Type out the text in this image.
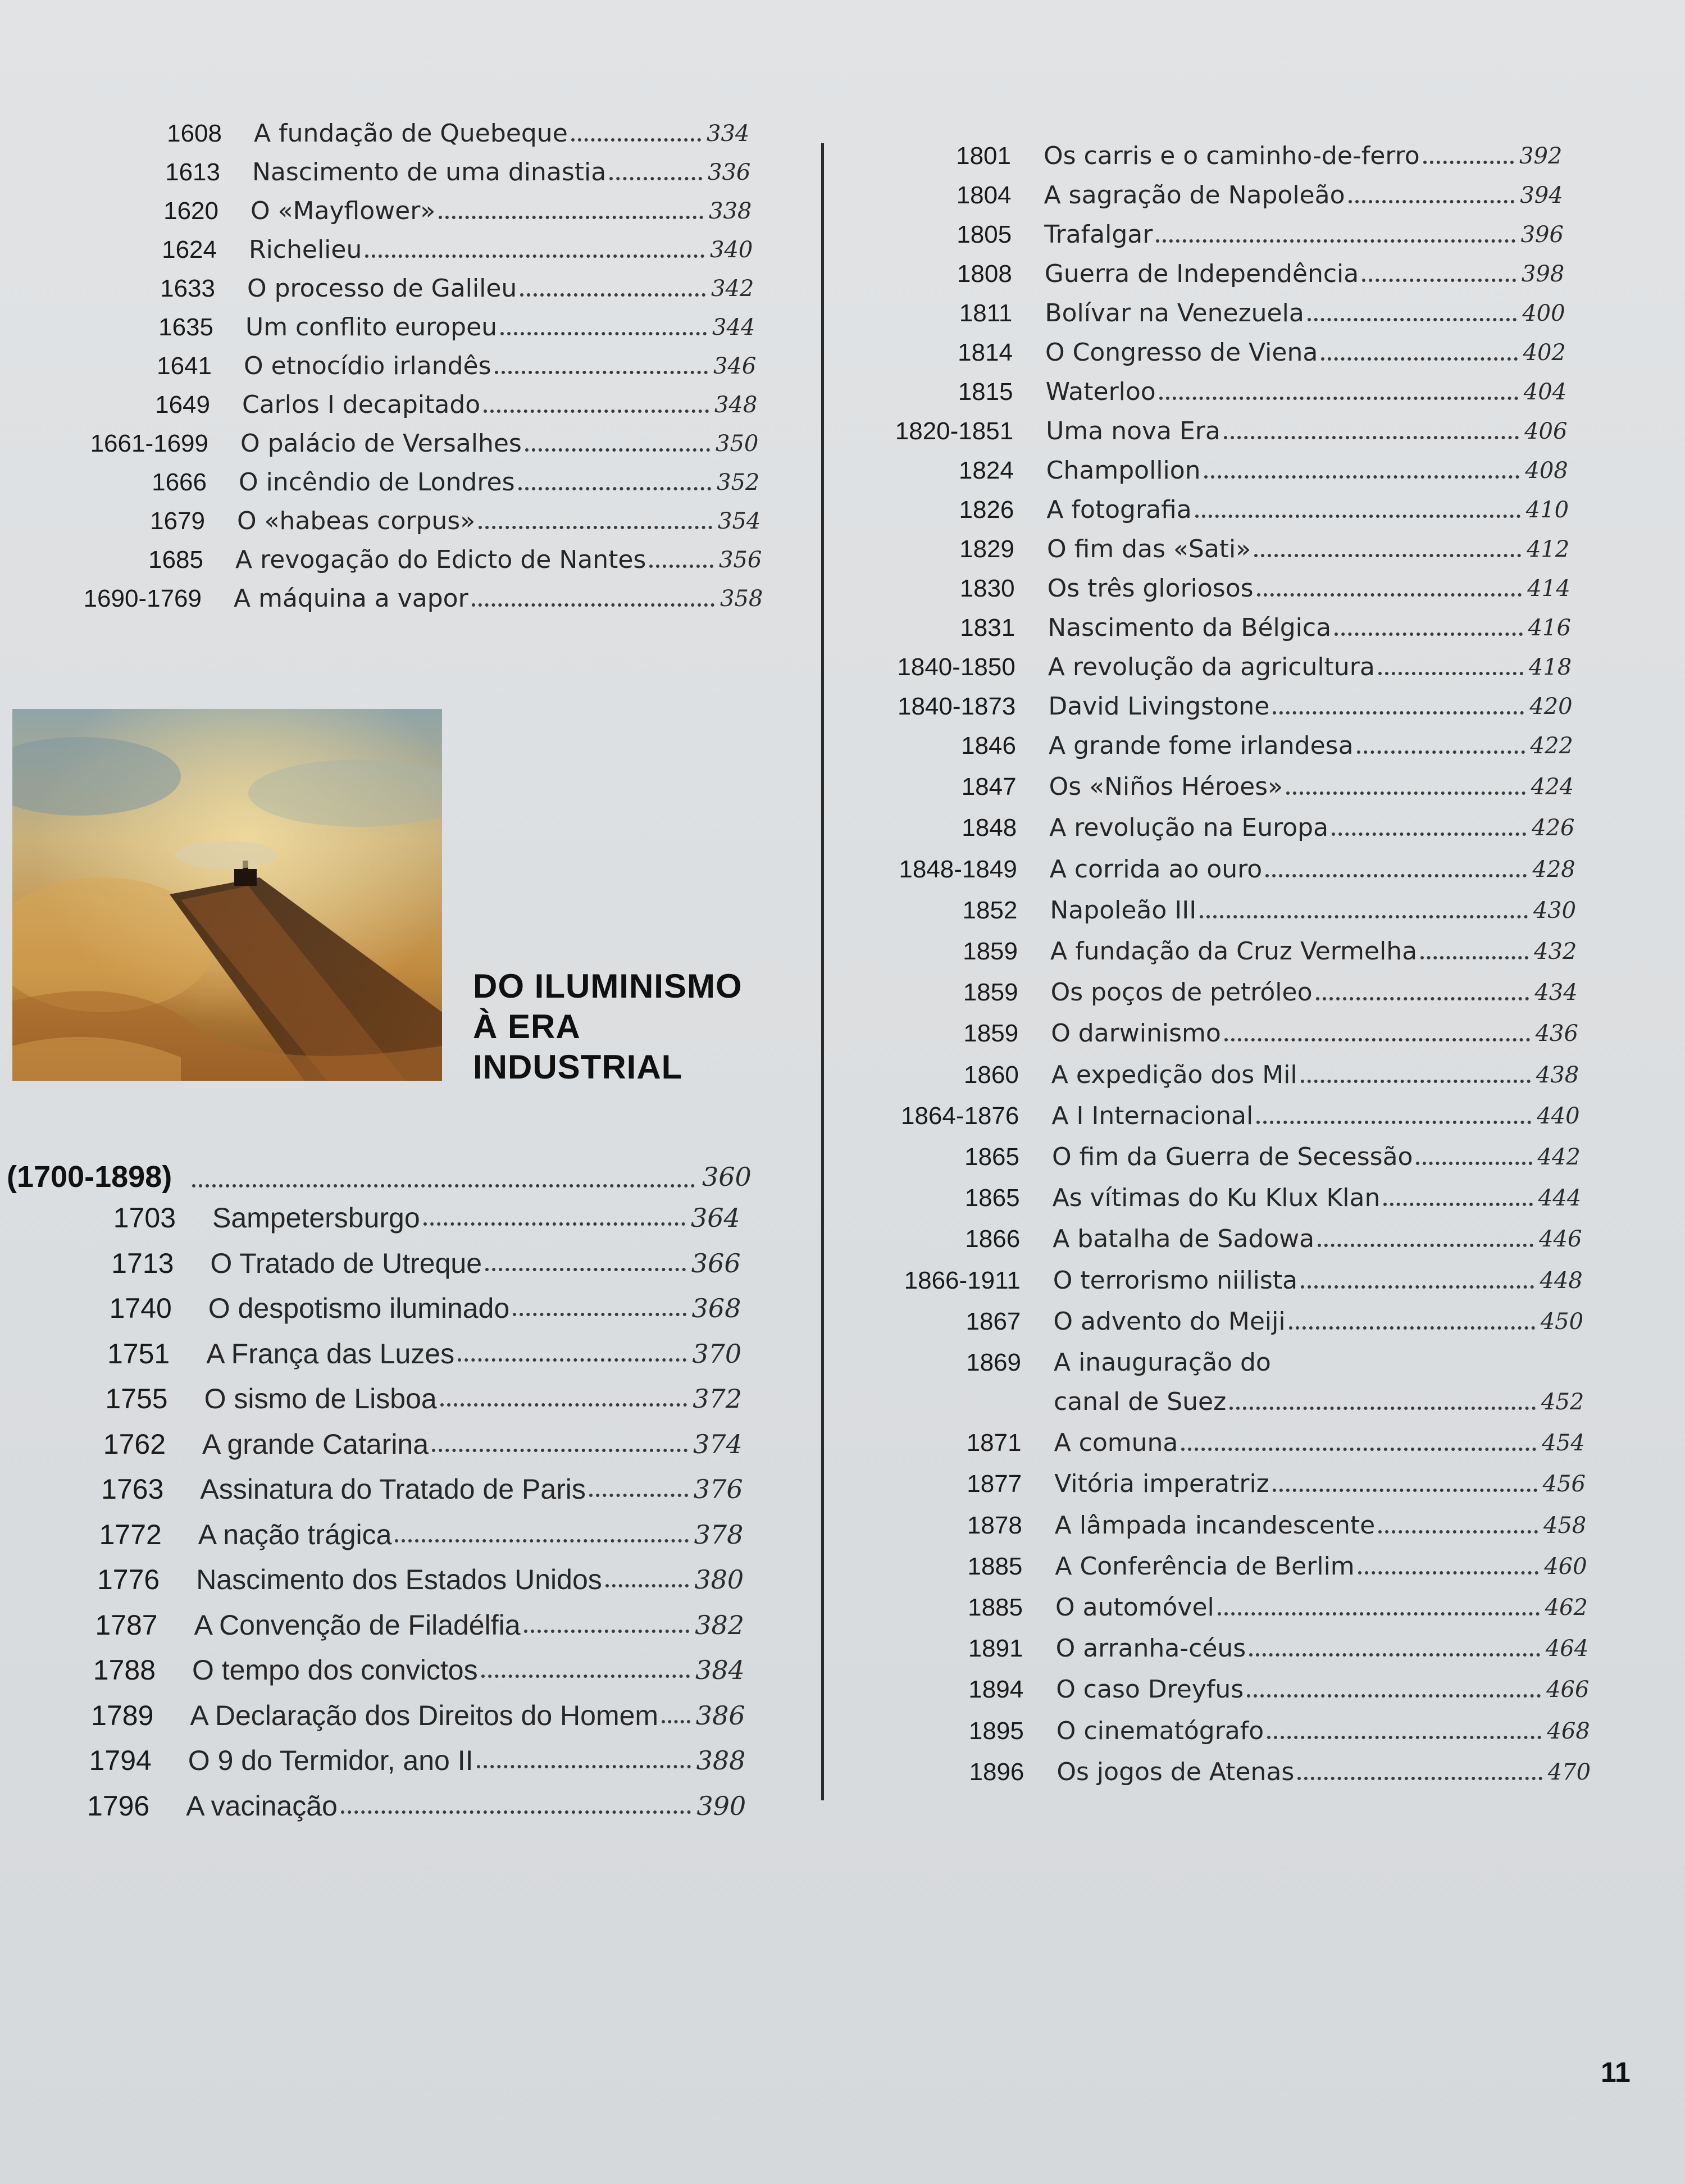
1608 A fundação de Quebeque	334
1613 Nascimento de uma dinastia	336
1620 O «Mayflower»	338
1624 Richelieu	340
1633 O processo de Galileu	342
1635 Um conflito europeu	344
1641 O etnocídio irlandês	346
1649 Carlos I decapitado	348
1661-1699 O palácio de Versalhes	350
1666 O incêndio de Londres	352
1679 O «habeas corpus»	354
1685 A revogação do Edicto de Nantes	356
1690-1769 A máquina a vapor	358
DO ILUMINISMO
À ERA
INDUSTRIAL
(1700-1898)	360
1703 Sampetersburgo	364
1713 O Tratado de Utreque	366
1740 O despotismo iluminado	368
1751 A França das Luzes	370
1755 O sismo de Lisboa	372
1762 A grande Catarina	374
1763 Assinatura do Tratado de Paris	376
1772 A nação trágica	378
1776 Nascimento dos Estados Unidos	380
1787 A Convenção de Filadélfia	382
1788 O tempo dos convictos	384
1789 A Declaração dos Direitos do Homem 386
1794 O 9 do Termidor, ano II	388
1796 A vacinação	390
1801 Os carris e o caminho-de-ferro	392
1804 A sagração de Napoleão	394
1805 Trafalgar	396
1808 Guerra de Independência	398
1811 Bolívar na Venezuela	400
1814 O Congresso de Viena	402
1815 Waterloo	404
1820-1851 Uma nova Era	406
1824 Champollion	408
1826 A fotografia	410
1829 O fim das «Sati»	412
1830 Os três gloriosos	414
1831 Nascimento da Bélgica	416
1840-1850 A revolução da agricultura	418
1840-1873 David Livingstone	420
1846 A grande fome irlandesa	422
1847 Os «Niños Héroes»	424
1848 A revolução na Europa	426
1848-1849 A corrida ao ouro	428
1852 Napoleão III	430
1859 A fundação da Cruz Vermelha	432
1859 Os poços de petróleo	434
1859 O darwinismo	436
1860 A expedição dos Mil	438
1864-1876 A I Internacional	440
1865 O fim da Guerra de Secessão	442
1865 As vítimas do Ku Klux Klan	444
1866 A batalha de Sadowa	446
1866-1911 O terrorismo niilista	448
1867 O advento do Meiji	450
1869 A inauguração do
canal de Suez	452
1871 A comuna	454
1877 Vitória imperatriz	456
1878 A lâmpada incandescente	458
1885 A Conferência de Berlim	460
1885 O automóvel	462
1891 O arranha-céus	464
1894 O caso Dreyfus	466
1895 O cinematógrafo	468
1896 Os jogos de Atenas	470
11
